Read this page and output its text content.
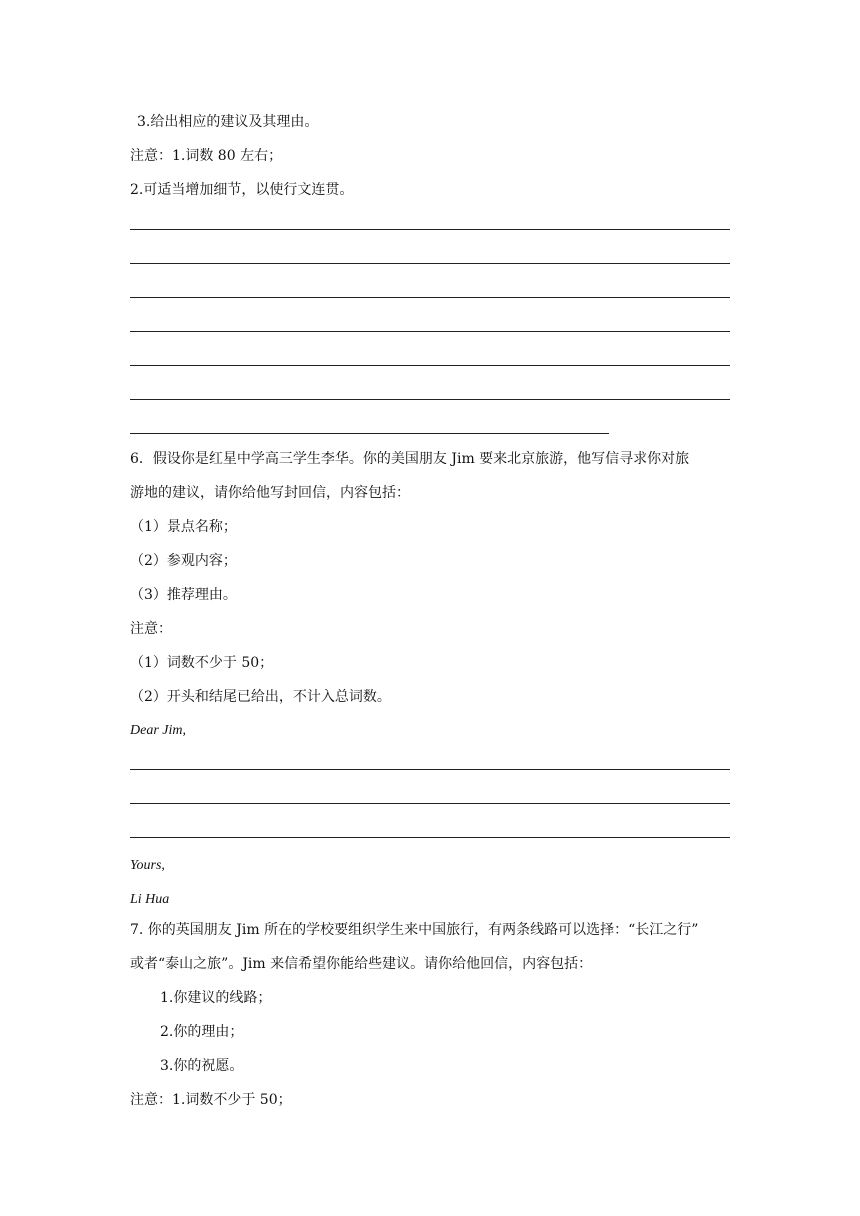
3.给出相应的建议及其理由。
注意：1.词数 80 左右；
2.可适当增加细节，以使行文连贯。
6．假设你是红星中学高三学生李华。你的美国朋友 Jim 要来北京旅游，他写信寻求你对旅
游地的建议，请你给他写封回信，内容包括：
（1）景点名称；
（2）参观内容；
（3）推荐理由。
注意：
（1）词数不少于 50；
（2）开头和结尾已给出，不计入总词数。
Dear Jim,
Yours,
Li Hua
7. 你的英国朋友 Jim 所在的学校要组织学生来中国旅行，有两条线路可以选择：“长江之行”
或者“泰山之旅”。Jim 来信希望你能给些建议。请你给他回信，内容包括：
1.你建议的线路；
2.你的理由；
3.你的祝愿。
注意：1.词数不少于 50；
